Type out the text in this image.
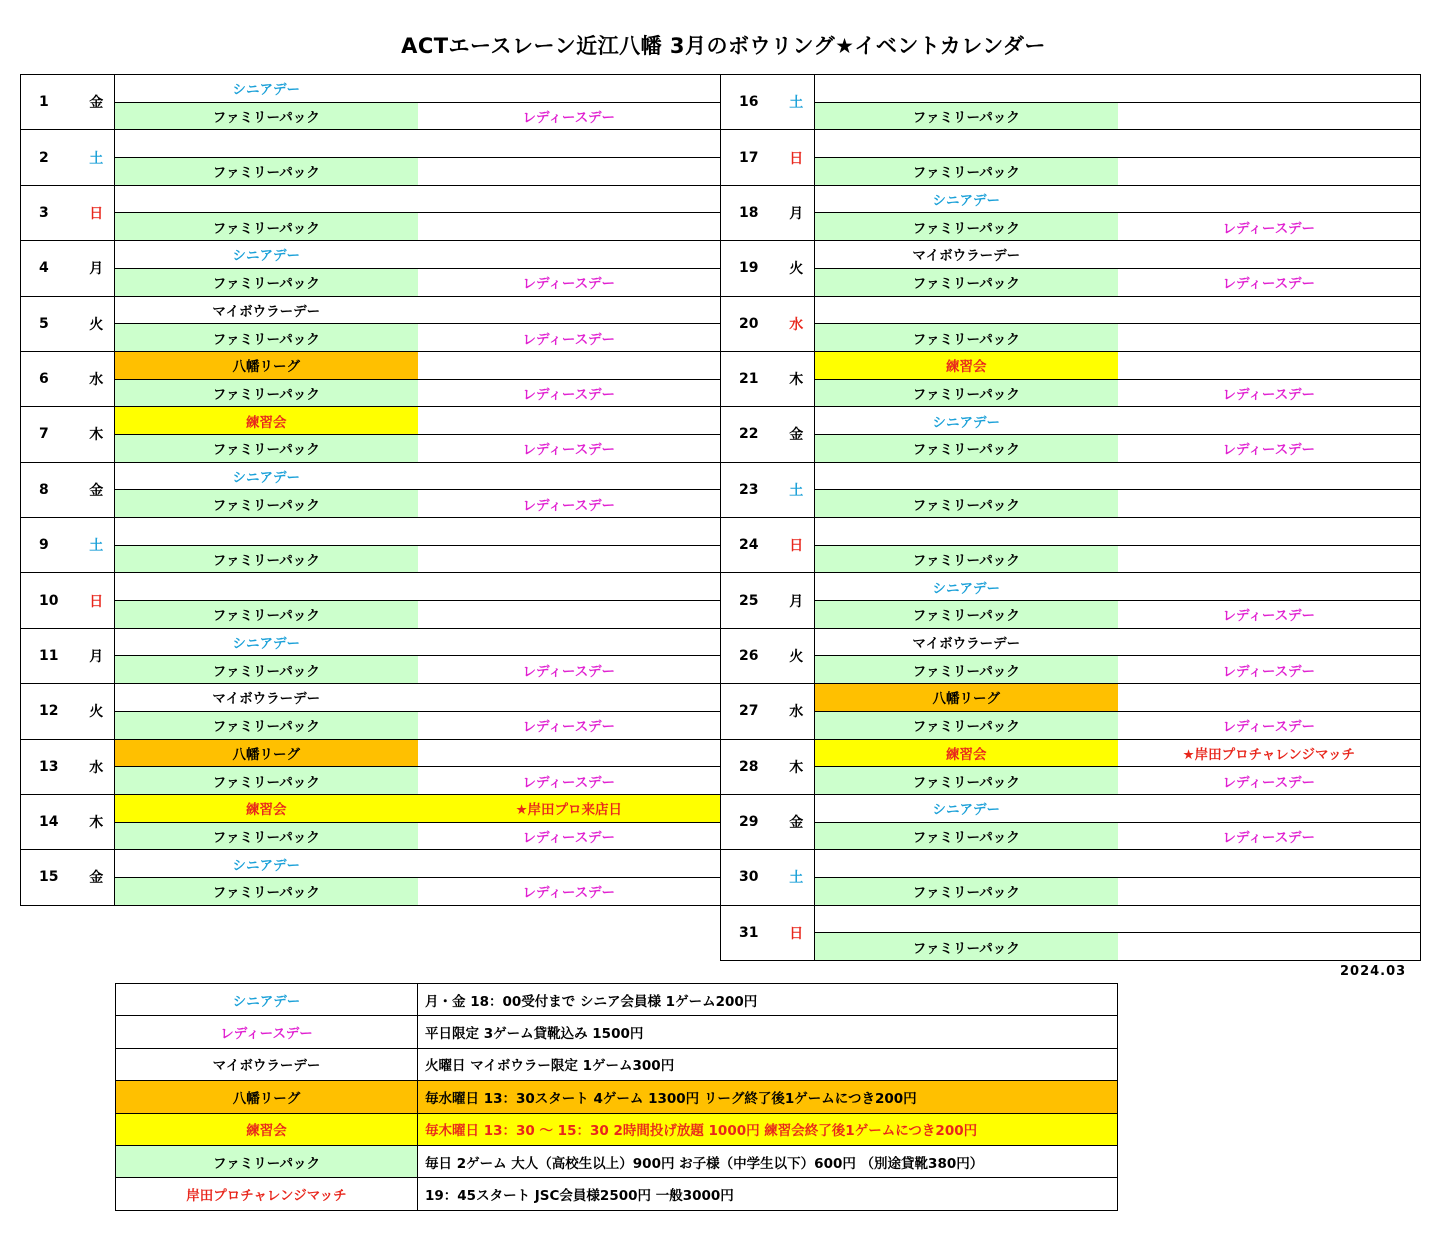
ACTエースレーン近江八幡 3月のボウリング★イベントカレンダー
1	金	シニアデー	
		ファミリーパック	レディースデー
2	土		
		ファミリーパック	
3	日		
		ファミリーパック	
4	月	シニアデー	
		ファミリーパック	レディースデー
5	火	マイボウラーデー	
		ファミリーパック	レディースデー
6	水	八幡リーグ	
		ファミリーパック	レディースデー
7	木	練習会	
		ファミリーパック	レディースデー
8	金	シニアデー	
		ファミリーパック	レディースデー
9	土		
		ファミリーパック	
10	日		
		ファミリーパック	
11	月	シニアデー	
		ファミリーパック	レディースデー
12	火	マイボウラーデー	
		ファミリーパック	レディースデー
13	水	八幡リーグ	
		ファミリーパック	レディースデー
14	木	練習会	★岸田プロ来店日
		ファミリーパック	レディースデー
15	金	シニアデー	
		ファミリーパック	レディースデー
16	土		
		ファミリーパック	
17	日		
		ファミリーパック	
18	月	シニアデー	
		ファミリーパック	レディースデー
19	火	マイボウラーデー	
		ファミリーパック	レディースデー
20	水		
		ファミリーパック	
21	木	練習会	
		ファミリーパック	レディースデー
22	金	シニアデー	
		ファミリーパック	レディースデー
23	土		
		ファミリーパック	
24	日		
		ファミリーパック	
25	月	シニアデー	
		ファミリーパック	レディースデー
26	火	マイボウラーデー	
		ファミリーパック	レディースデー
27	水	八幡リーグ	
		ファミリーパック	レディースデー
28	木	練習会	★岸田プロチャレンジマッチ
		ファミリーパック	レディースデー
29	金	シニアデー	
		ファミリーパック	レディースデー
30	土		
		ファミリーパック	
31	日		
		ファミリーパック	
2024.03
シニアデー	月・金 18：00受付まで シニア会員様 1ゲーム200円
レディースデー	平日限定 3ゲーム貸靴込み 1500円
マイボウラーデー	火曜日 マイボウラー限定 1ゲーム300円
八幡リーグ	毎水曜日 13：30スタート 4ゲーム 1300円 リーグ終了後1ゲームにつき200円
練習会	毎木曜日 13：30 ～ 15：30 2時間投げ放題 1000円 練習会終了後1ゲームにつき200円
ファミリーパック	毎日 2ゲーム 大人（高校生以上）900円 お子様（中学生以下）600円 （別途貸靴380円）
岸田プロチャレンジマッチ	19：45スタート JSC会員様2500円 一般3000円
